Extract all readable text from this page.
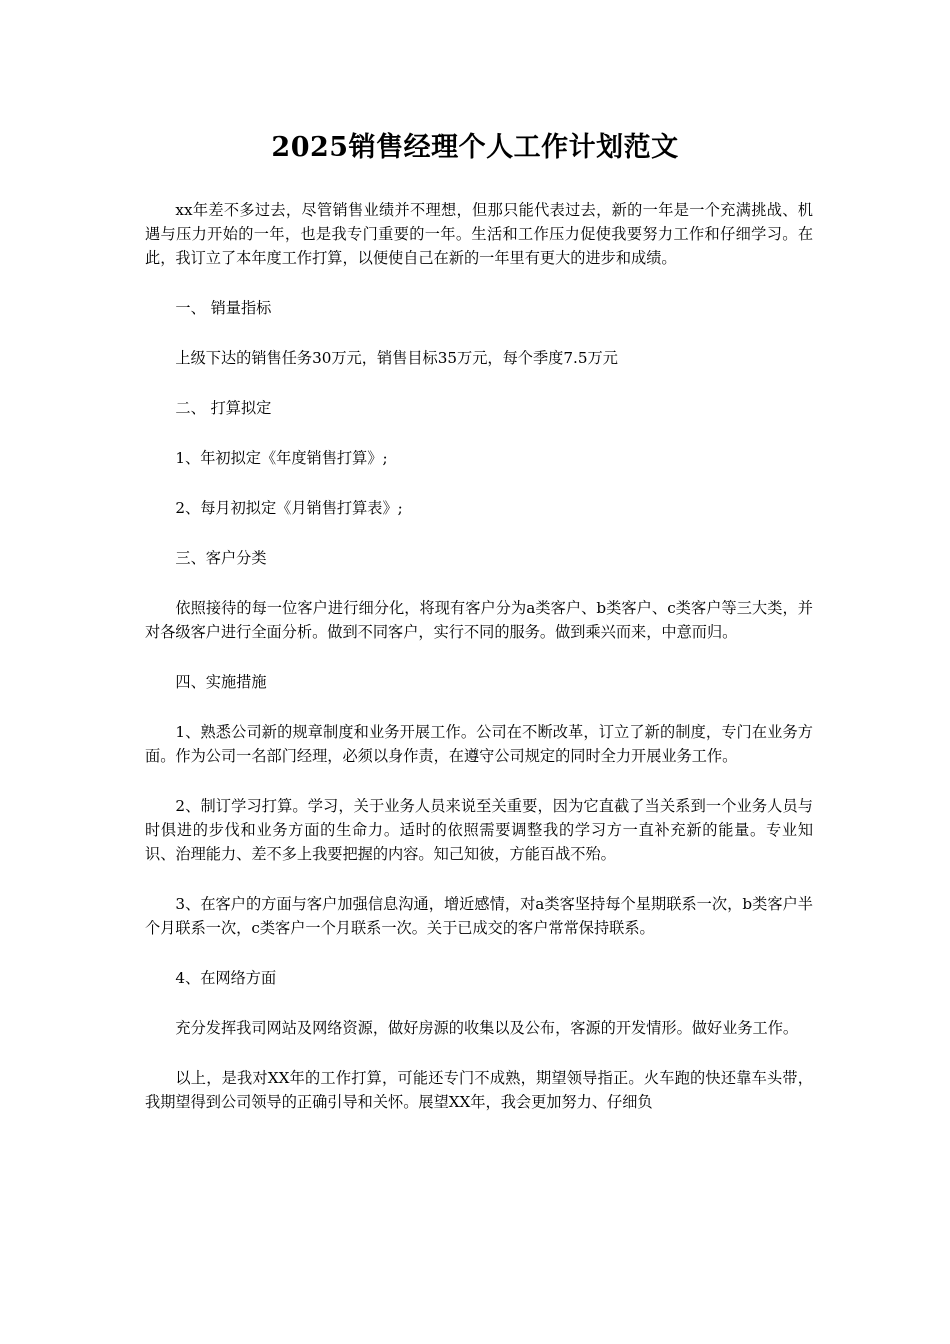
2025销售经理个人工作计划范文

xx年差不多过去，尽管销售业绩并不理想，但那只能代表过去，新的一年是一个充满挑战、机遇与压力开始的一年，也是我专门重要的一年。生活和工作压力促使我要努力工作和仔细学习。在此，我订立了本年度工作打算，以便使自己在新的一年里有更大的进步和成绩。

一、 销量指标

上级下达的销售任务30万元，销售目标35万元，每个季度7.5万元

二、 打算拟定

1、年初拟定《年度销售打算》;

2、每月初拟定《月销售打算表》;

三、客户分类

依照接待的每一位客户进行细分化，将现有客户分为a类客户、b类客户、c类客户等三大类，并对各级客户进行全面分析。做到不同客户，实行不同的服务。做到乘兴而来，中意而归。

四、实施措施

1、熟悉公司新的规章制度和业务开展工作。公司在不断改革，订立了新的制度，专门在业务方面。作为公司一名部门经理，必须以身作责，在遵守公司规定的同时全力开展业务工作。

2、制订学习打算。学习，关于业务人员来说至关重要，因为它直截了当关系到一个业务人员与时俱进的步伐和业务方面的生命力。适时的依照需要调整我的学习方一直补充新的能量。专业知识、治理能力、差不多上我要把握的内容。知己知彼，方能百战不殆。

3、在客户的方面与客户加强信息沟通，增近感情，对a类客坚持每个星期联系一次，b类客户半个月联系一次，c类客户一个月联系一次。关于已成交的客户常常保持联系。

4、在网络方面

充分发挥我司网站及网络资源，做好房源的收集以及公布，客源的开发情形。做好业务工作。

以上，是我对XX年的工作打算，可能还专门不成熟，期望领导指正。火车跑的快还靠车头带，我期望得到公司领导的正确引导和关怀。展望XX年，我会更加努力、仔细负
